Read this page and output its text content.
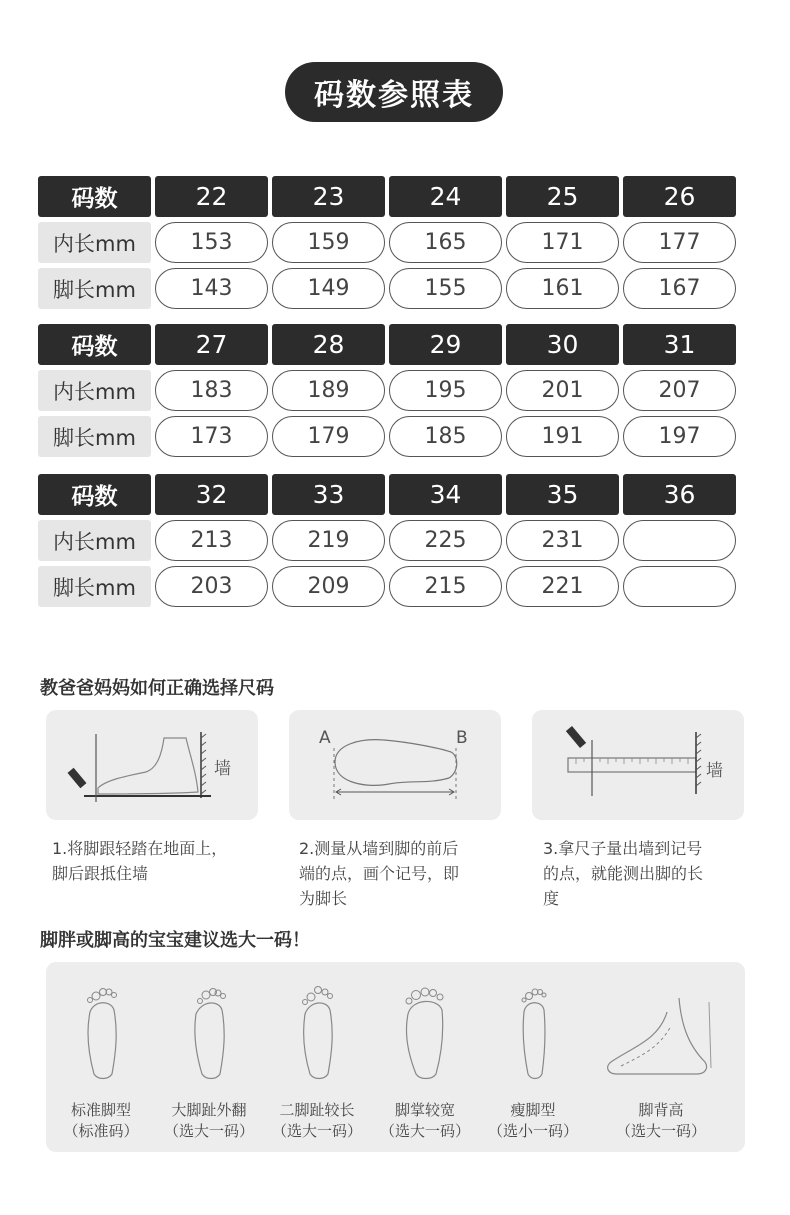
码数参照表
码数	22	23	24	25	26
内长mm	153	159	165	171	177
脚长mm	143	149	155	161	167
码数	27	28	29	30	31
内长mm	183	189	195	201	207
脚长mm	173	179	185	191	197
码数	32	33	34	35	36
内长mm	213	219	225	231
脚长mm	203	209	215	221
教爸爸妈妈如何正确选择尺码
墙
A	B
墙
1.将脚跟轻踏在地面上，
脚后跟抵住墙
2.测量从墙到脚的前后
端的点，画个记号，即
为脚长
3.拿尺子量出墙到记号
的点，就能测出脚的长
度
脚胖或脚高的宝宝建议选大一码！
标准脚型
（标准码）
大脚趾外翻
（选大一码）
二脚趾较长
（选大一码）
脚掌较宽
（选大一码）
瘦脚型
（选小一码）
脚背高
（选大一码）
